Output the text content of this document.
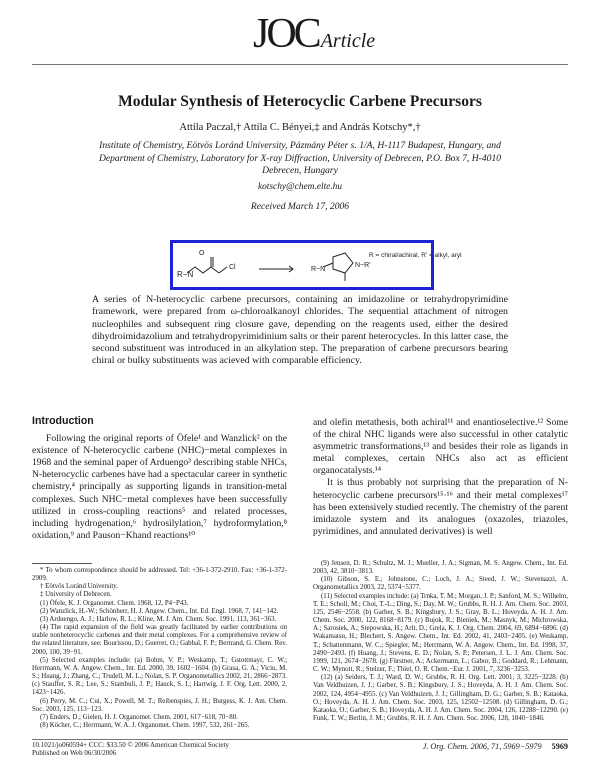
JOC Article
Modular Synthesis of Heterocyclic Carbene Precursors
Attila Paczal,† Attila C. Bényei,‡ and András Kotschy*,†
Institute of Chemistry, Eötvös Loránd University, Pázmány Péter s. 1/A, H-1117 Budapest, Hungary, and Department of Chemistry, Laboratory for X-ray Diffraction, University of Debrecen, P.O. Box 7, H-4010 Debrecen, Hungary
kotschy@chem.elte.hu
Received March 17, 2006
R−N
Cl
O
R−N
N−R'
R = chiral/achiral, R' = alkyl, aryl
A series of N-heterocyclic carbene precursors, containing an imidazoline or tetrahydropyrimidine framework, were prepared from ω-chloroalkanoyl chlorides. The sequential attachment of nitrogen nucleophiles and subsequent ring closure gave, depending on the reagents used, either the desired dihydroimidazolium and tetrahydropyrimidinium salts or their parent heterocycles. In this latter case, the second substituent was introduced in an alkylation step. The preparation of carbene precursors bearing chiral or bulky substituents was acieved with comparable efficiency.
Introduction

Following the original reports of Öfele¹ and Wanzlick² on the existence of N-heterocyclic carbene (NHC)−metal complexes in 1968 and the seminal paper of Arduengo³ describing stable NHCs, N-heterocyclic carbenes have had a spectacular career in synthetic chemistry,⁴ principally as supporting ligands in transition-metal complexes. Such NHC−metal complexes have been successfully utilized in cross-coupling reactions⁵ and related processes, including hydrogenation,⁶ hydrosilylation,⁷ hydroformylation,⁸ oxidation,⁹ and Pauson−Khand reactions¹⁰

and olefin metathesis, both achiral¹¹ and enantioselective.¹² Some of the chiral NHC ligands were also successful in other catalytic asymmetric transformations,¹³ and besides their role as ligands in metal complexes, certain NHCs also act as efficient organocatalysts.¹⁴

It is thus probably not surprising that the preparation of N-heterocyclic carbene precursors¹⁵·¹⁶ and their metal complexes¹⁷ has been extensively studied recently. The chemistry of the parent imidazole system and its analogues (oxazoles, triazoles, pyrimidines, and annulated derivatives) is well

* To whom correspondence should be addressed. Tel: +36-1-372-2910. Fax: +36-1-372-2909.

† Eötvös Loránd University.

‡ University of Debrecen.

(1) Öfele, K. J. Organomet. Chem. 1968, 12, P4−P43.

(2) Wanzlick, H.-W.; Schönherr, H. J. Angew. Chem., Int. Ed. Engl. 1968, 7, 141−142.

(3) Arduengo, A. J.; Harlow, R. L.; Kline, M. J. Am. Chem. Soc. 1991, 113, 361−363.

(4) The rapid expansion of the field was greatly facilitated by earlier contributions on stable nonheterocyclic carbenes and their metal complexes. For a comprehensive review of the related literature, see: Bourissou, D.; Guerret, O.; Gabbaï, F. P.; Bertrand, G. Chem. Rev. 2000, 100, 39−91.

(5) Selected examples include: (a) Bohm, V. P.; Weskamp, T.; Gstottmayr, C. W.; Herrmann, W. A. Angew. Chem., Int. Ed. 2000, 39, 1602−1604. (b) Grasa, G. A.; Viciu, M. S.; Huang, J.; Zhang, C.; Trudell, M. L.; Nolan, S. P. Organometallics 2002, 21, 2866−2873. (c) Stauffer, S. R.; Lee, S.; Stambuli, J. P.; Hauck, S. I.; Hartwig, J. F. Org. Lett. 2000, 2, 1423−1426.

(6) Perry, M. C.; Cui, X.; Powell, M. T.; Reibenspies, J. H.; Burgess, K. J. Am. Chem. Soc. 2003, 125, 113−123.

(7) Enders, D.; Gielen, H. J. Organomet. Chem. 2001, 617−618, 70−80.

(8) Köcher, C.; Herrmann, W. A. J. Organomet. Chem. 1997, 532, 261−265.

(9) Jensen, D. R.; Schultz, M. J.; Mueller, J. A.; Sigman, M. S. Angew. Chem., Int. Ed. 2003, 42, 3810−3813.

(10) Gibson, S. E.; Johnstone, C.; Loch, J. A.; Steed, J. W.; Stevenazzi, A. Organometallics 2003, 22, 5374−5377.

(11) Selected examples include: (a) Trnka, T. M.; Morgan, J. P.; Sanford, M. S.; Wilhelm, T. E.; Scholl, M.; Choi, T.-L.; Ding, S.; Day, M. W.; Grubbs, R. H. J. Am. Chem. Soc. 2003, 125, 2546−2558. (b) Garber, S. B.; Kingsbury, J. S.; Gray, B. L.; Hoveyda, A. H. J. Am. Chem. Soc. 2000, 122, 8168−8179. (c) Bujok, R.; Bieniek, M.; Masnyk, M.; Michrowska, A.; Sarosiek, A.; Stepowska, H.; Arlt, D.; Grela, K. J. Org. Chem. 2004, 69, 6894−6896. (d) Wakamatsu, H.; Blechert, S. Angew. Chem., Int. Ed. 2002, 41, 2403−2405. (e) Weskamp, T.; Schattenmann, W. C.; Spiegler, M.; Herrmann, W. A. Angew. Chem., Int. Ed. 1998, 37, 2490−2493. (f) Huang, J.; Stevens, E. D.; Nolan, S. P.; Petersen, J. L. J. Am. Chem. Soc. 1999, 121, 2674−2678. (g) Fürstner, A.; Ackermann, L.; Gabor, B.; Goddard, R.; Lehmann, C. W.; Mynott, R.; Stelzer, F.; Thiel, O. R. Chem.−Eur. J. 2001, 7, 3236−3253.

(12) (a) Seiders, T. J.; Ward, D. W.; Grubbs, R. H. Org. Lett. 2001, 3, 3225−3228. (b) Van Veldhuizen, J. J.; Garber, S. B.; Kingsbury, J. S.; Hoveyda, A. H. J. Am. Chem. Soc. 2002, 124, 4954−4955. (c) Van Veldhuizen, J. J.; Gillingham, D. G.; Garber, S. B.; Kataoka, O.; Hoveyda, A. H. J. Am. Chem. Soc. 2003, 125, 12502−12508. (d) Gillingham, D. G.; Kataoka, O.; Garber, S. B.; Hoveyda, A. H. J. Am. Chem. Soc. 2004, 126, 12288−12290. (e) Funk, T. W.; Berlin, J. M.; Grubbs, R. H. J. Am. Chem. Soc. 2006, 128, 1840−1846.

10.1021/jo060594+ CCC: $33.50 © 2006 American Chemical Society
Published on Web 06/30/2006
J. Org. Chem. 2006, 71, 5969−5979 5969
